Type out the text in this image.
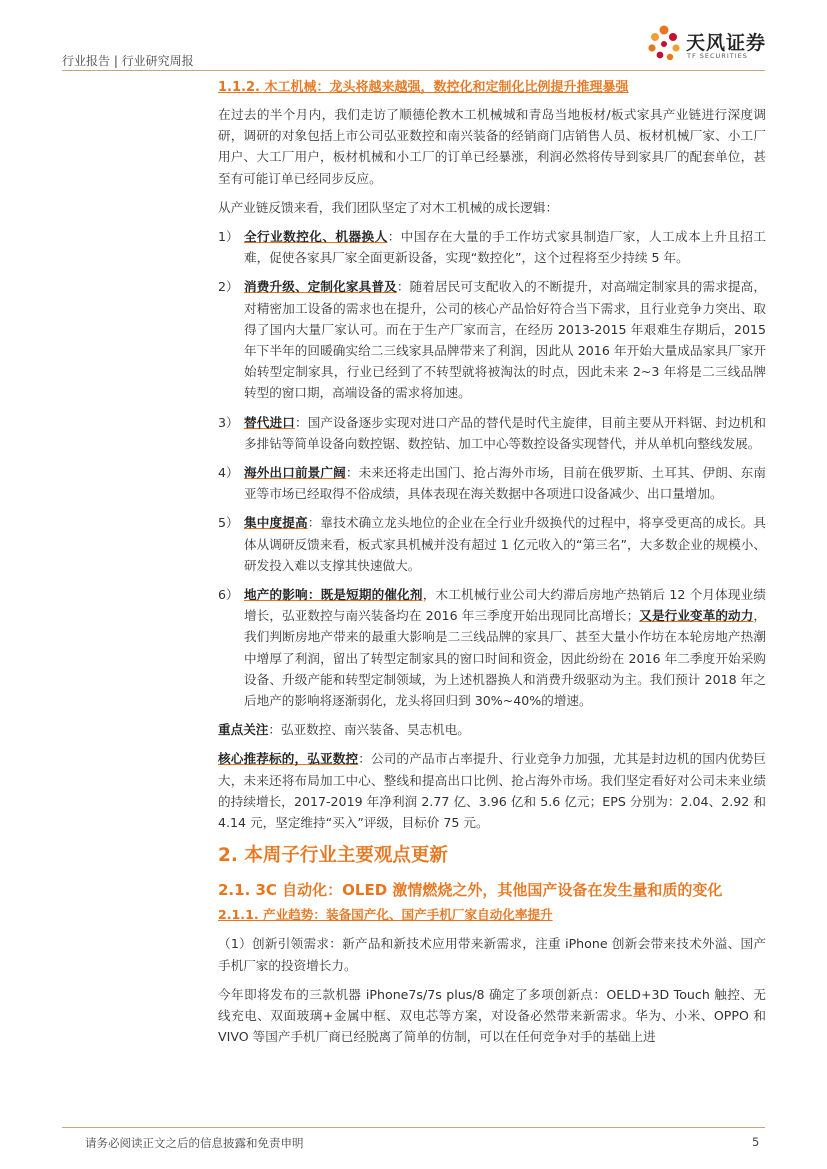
行业报告 | 行业研究周报
天风证券
TF SECURITIES
1.1.2. 木工机械：龙头将越来越强，数控化和定制化比例提升推理暴强

在过去的半个月内，我们走访了顺德伦教木工机械城和青岛当地板材/板式家具产业链进行深度调研，调研的对象包括上市公司弘亚数控和南兴装备的经销商门店销售人员、板材机械厂家、小工厂用户、大工厂用户，板材机械和小工厂的订单已经暴涨，利润必然将传导到家具厂的配套单位，甚至有可能订单已经同步反应。

从产业链反馈来看，我们团队坚定了对木工机械的成长逻辑：

1） 全行业数控化、机器换人：中国存在大量的手工作坊式家具制造厂家，人工成本上升且招工难，促使各家具厂家全面更新设备，实现“数控化”，这个过程将至少持续 5 年。
2） 消费升级、定制化家具普及：随着居民可支配收入的不断提升，对高端定制家具的需求提高，对精密加工设备的需求也在提升，公司的核心产品恰好符合当下需求，且行业竞争力突出、取得了国内大量厂家认可。而在于生产厂家而言，在经历 2013-2015 年艰难生存期后，2015 年下半年的回暖确实给二三线家具品牌带来了利润，因此从 2016 年开始大量成品家具厂家开始转型定制家具，行业已经到了不转型就将被淘汰的时点，因此未来 2~3 年将是二三线品牌转型的窗口期，高端设备的需求将加速。
3） 替代进口：国产设备逐步实现对进口产品的替代是时代主旋律，目前主要从开料锯、封边机和多排钻等简单设备向数控锯、数控钻、加工中心等数控设备实现替代，并从单机向整线发展。
4） 海外出口前景广阔：未来还将走出国门、抢占海外市场，目前在俄罗斯、土耳其、伊朗、东南亚等市场已经取得不俗成绩，具体表现在海关数据中各项进口设备减少、出口量增加。
5） 集中度提高：靠技术确立龙头地位的企业在全行业升级换代的过程中，将享受更高的成长。具体从调研反馈来看，板式家具机械并没有超过 1 亿元收入的“第三名”，大多数企业的规模小、研发投入难以支撑其快速做大。
6） 地产的影响：既是短期的催化剂，木工机械行业公司大约滞后房地产热销后 12 个月体现业绩增长，弘亚数控与南兴装备均在 2016 年三季度开始出现同比高增长；又是行业变革的动力，我们判断房地产带来的最重大影响是二三线品牌的家具厂、甚至大量小作坊在本轮房地产热潮中增厚了利润，留出了转型定制家具的窗口时间和资金，因此纷纷在 2016 年二季度开始采购设备、升级产能和转型定制领域，为上述机器换人和消费升级驱动为主。我们预计 2018 年之后地产的影响将逐渐弱化，龙头将回归到 30%~40%的增速。

重点关注：弘亚数控、南兴装备、昊志机电。

核心推荐标的，弘亚数控：公司的产品市占率提升、行业竞争力加强，尤其是封边机的国内优势巨大，未来还将布局加工中心、整线和提高出口比例、抢占海外市场。我们坚定看好对公司未来业绩的持续增长，2017-2019 年净利润 2.77 亿、3.96 亿和 5.6 亿元；EPS 分别为：2.04、2.92 和 4.14 元，坚定维持“买入”评级，目标价 75 元。

2. 本周子行业主要观点更新
2.1. 3C 自动化：OLED 激情燃烧之外，其他国产设备在发生量和质的变化
2.1.1. 产业趋势：装备国产化、国产手机厂家自动化率提升

（1）创新引领需求：新产品和新技术应用带来新需求，注重 iPhone 创新会带来技术外溢、国产手机厂家的投资增长力。

今年即将发布的三款机器 iPhone7s/7s plus/8 确定了多项创新点：OELD+3D Touch 触控、无线充电、双面玻璃+金属中框、双电芯等方案，对设备必然带来新需求。华为、小米、OPPO 和 VIVO 等国产手机厂商已经脱离了简单的仿制，可以在任何竞争对手的基础上进

请务必阅读正文之后的信息披露和免责申明	5
